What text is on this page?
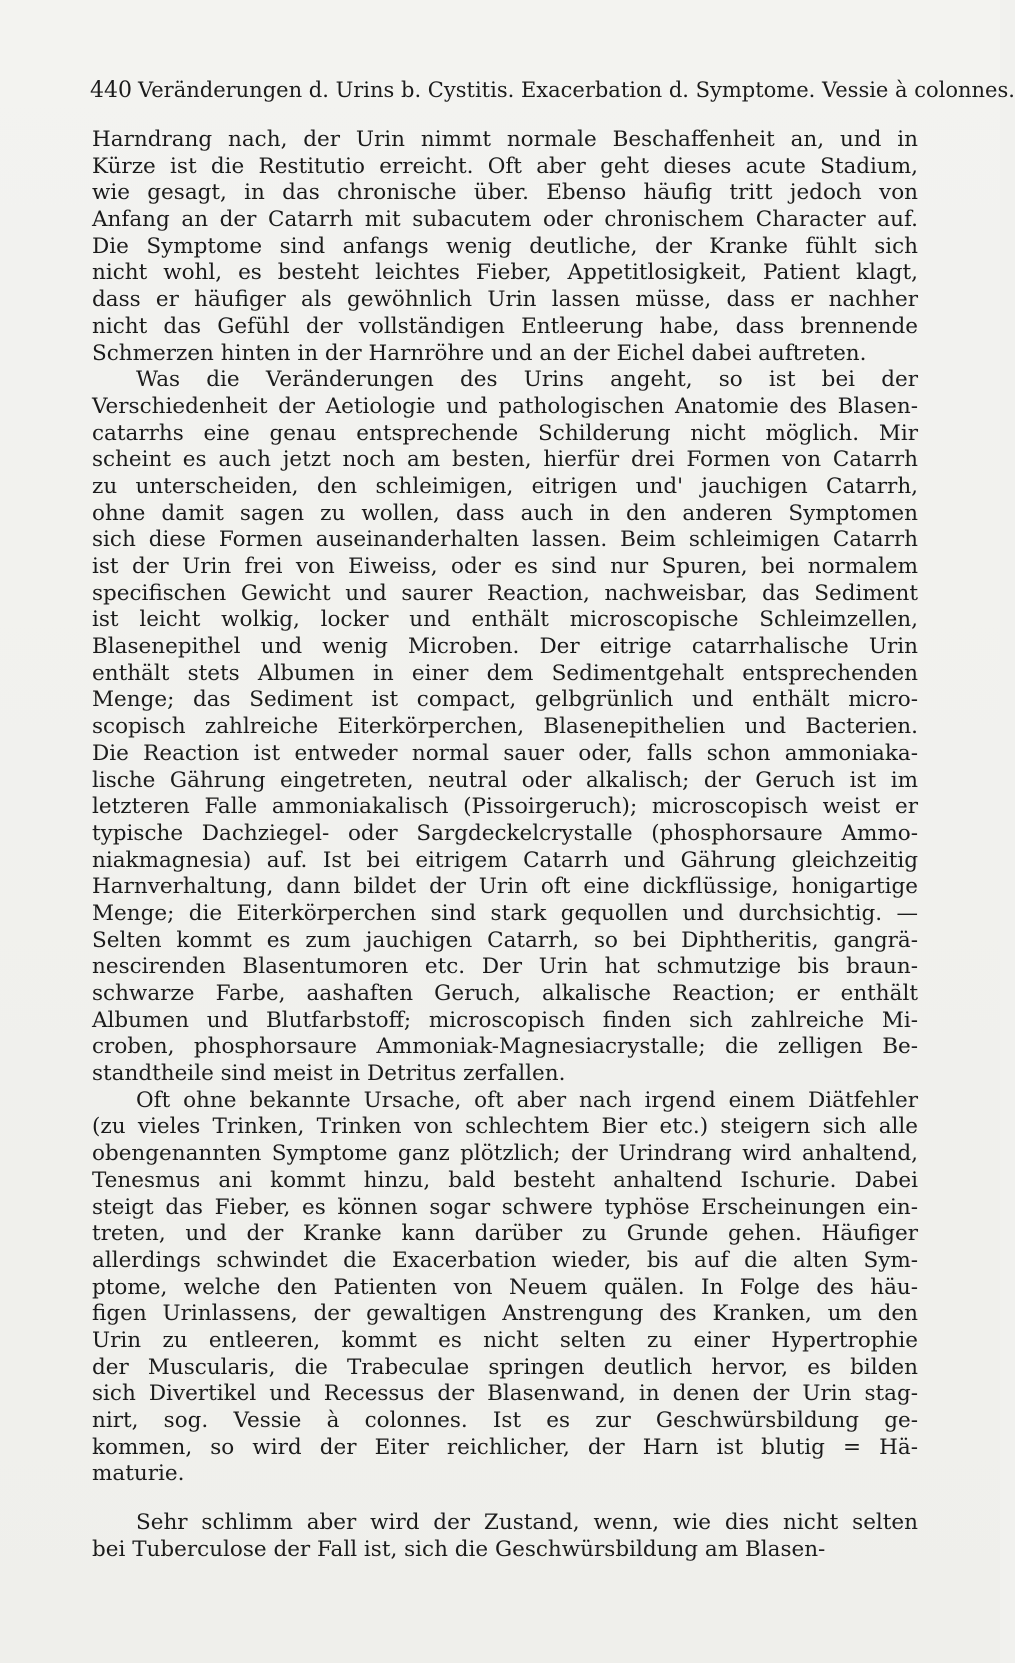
440 Veränderungen d. Urins b. Cystitis. Exacerbation d. Symptome. Vessie à colonnes.
Harndrang nach, der Urin nimmt normale Beschaffenheit an, und in
Kürze ist die Restitutio erreicht. Oft aber geht dieses acute Stadium,
wie gesagt, in das chronische über. Ebenso häufig tritt jedoch von
Anfang an der Catarrh mit subacutem oder chronischem Character auf.
Die Symptome sind anfangs wenig deutliche, der Kranke fühlt sich
nicht wohl, es besteht leichtes Fieber, Appetitlosigkeit, Patient klagt,
dass er häufiger als gewöhnlich Urin lassen müsse, dass er nachher
nicht das Gefühl der vollständigen Entleerung habe, dass brennende
Schmerzen hinten in der Harnröhre und an der Eichel dabei auftreten.
Was die Veränderungen des Urins angeht, so ist bei der
Verschiedenheit der Aetiologie und pathologischen Anatomie des Blasen-
catarrhs eine genau entsprechende Schilderung nicht möglich. Mir
scheint es auch jetzt noch am besten, hierfür drei Formen von Catarrh
zu unterscheiden, den schleimigen, eitrigen und' jauchigen Catarrh,
ohne damit sagen zu wollen, dass auch in den anderen Symptomen
sich diese Formen auseinanderhalten lassen. Beim schleimigen Catarrh
ist der Urin frei von Eiweiss, oder es sind nur Spuren, bei normalem
specifischen Gewicht und saurer Reaction, nachweisbar, das Sediment
ist leicht wolkig, locker und enthält microscopische Schleimzellen,
Blasenepithel und wenig Microben. Der eitrige catarrhalische Urin
enthält stets Albumen in einer dem Sedimentgehalt entsprechenden
Menge; das Sediment ist compact, gelbgrünlich und enthält micro-
scopisch zahlreiche Eiterkörperchen, Blasenepithelien und Bacterien.
Die Reaction ist entweder normal sauer oder, falls schon ammoniaka-
lische Gährung eingetreten, neutral oder alkalisch; der Geruch ist im
letzteren Falle ammoniakalisch (Pissoirgeruch); microscopisch weist er
typische Dachziegel- oder Sargdeckelcrystalle (phosphorsaure Ammo-
niakmagnesia) auf. Ist bei eitrigem Catarrh und Gährung gleichzeitig
Harnverhaltung, dann bildet der Urin oft eine dickflüssige, honigartige
Menge; die Eiterkörperchen sind stark gequollen und durchsichtig. —
Selten kommt es zum jauchigen Catarrh, so bei Diphtheritis, gangrä-
nescirenden Blasentumoren etc. Der Urin hat schmutzige bis braun-
schwarze Farbe, aashaften Geruch, alkalische Reaction; er enthält
Albumen und Blutfarbstoff; microscopisch finden sich zahlreiche Mi-
croben, phosphorsaure Ammoniak-Magnesiacrystalle; die zelligen Be-
standtheile sind meist in Detritus zerfallen.
Oft ohne bekannte Ursache, oft aber nach irgend einem Diätfehler
(zu vieles Trinken, Trinken von schlechtem Bier etc.) steigern sich alle
obengenannten Symptome ganz plötzlich; der Urindrang wird anhaltend,
Tenesmus ani kommt hinzu, bald besteht anhaltend Ischurie. Dabei
steigt das Fieber, es können sogar schwere typhöse Erscheinungen ein-
treten, und der Kranke kann darüber zu Grunde gehen. Häufiger
allerdings schwindet die Exacerbation wieder, bis auf die alten Sym-
ptome, welche den Patienten von Neuem quälen. In Folge des häu-
figen Urinlassens, der gewaltigen Anstrengung des Kranken, um den
Urin zu entleeren, kommt es nicht selten zu einer Hypertrophie
der Muscularis, die Trabeculae springen deutlich hervor, es bilden
sich Divertikel und Recessus der Blasenwand, in denen der Urin stag-
nirt, sog. Vessie à colonnes. Ist es zur Geschwürsbildung ge-
kommen, so wird der Eiter reichlicher, der Harn ist blutig = Hä-
maturie.
Sehr schlimm aber wird der Zustand, wenn, wie dies nicht selten
bei Tuberculose der Fall ist, sich die Geschwürsbildung am Blasen-
